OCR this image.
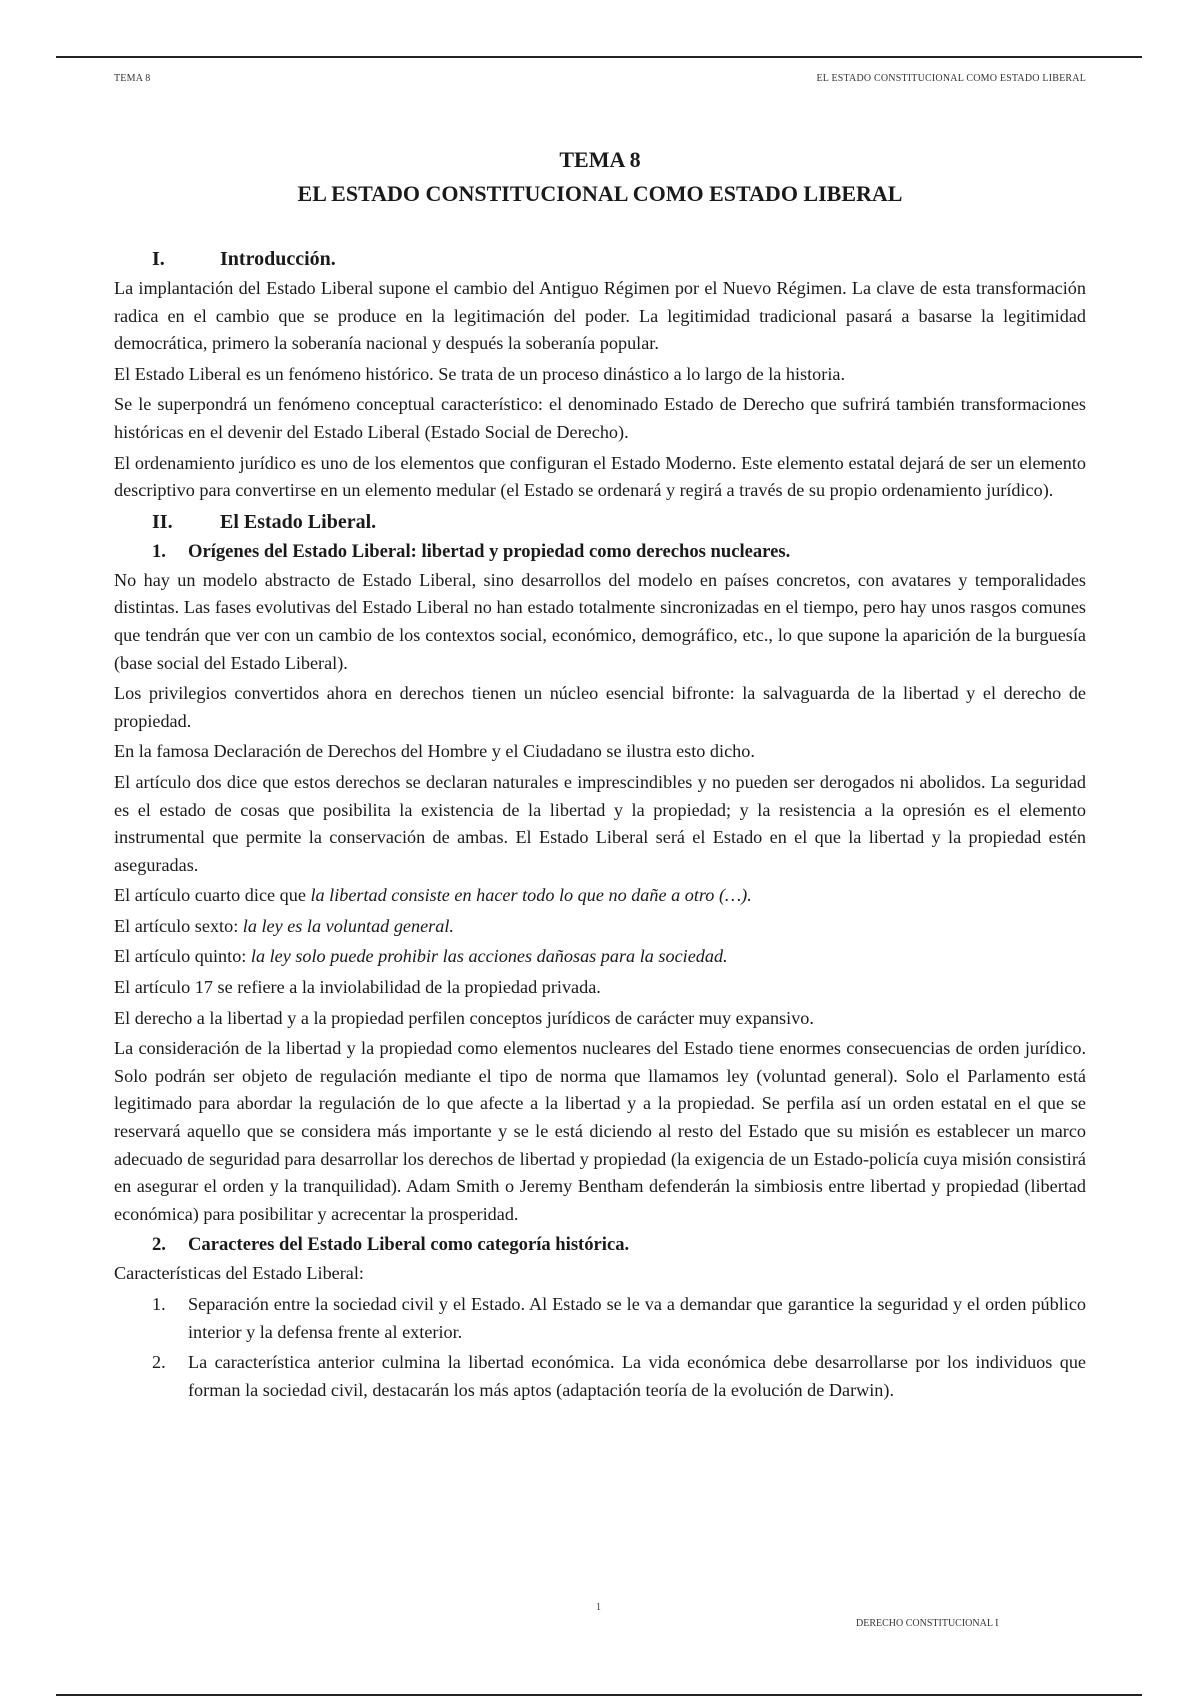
TEMA 8	EL ESTADO CONSTITUCIONAL COMO ESTADO LIBERAL
TEMA 8
EL ESTADO CONSTITUCIONAL COMO ESTADO LIBERAL
I.	Introducción.

La implantación del Estado Liberal supone el cambio del Antiguo Régimen por el Nuevo Régimen. La clave de esta transformación radica en el cambio que se produce en la legitimación del poder. La legitimidad tradicional pasará a basarse la legitimidad democrática, primero la soberanía nacional y después la soberanía popular.

El Estado Liberal es un fenómeno histórico. Se trata de un proceso dinástico a lo largo de la historia.

Se le superpondrá un fenómeno conceptual característico: el denominado Estado de Derecho que sufrirá también transformaciones históricas en el devenir del Estado Liberal (Estado Social de Derecho).

El ordenamiento jurídico es uno de los elementos que configuran el Estado Moderno. Este elemento estatal dejará de ser un elemento descriptivo para convertirse en un elemento medular (el Estado se ordenará y regirá a través de su propio ordenamiento jurídico).

II.	El Estado Liberal.
1.	Orígenes del Estado Liberal: libertad y propiedad como derechos nucleares.

No hay un modelo abstracto de Estado Liberal, sino desarrollos del modelo en países concretos, con avatares y temporalidades distintas. Las fases evolutivas del Estado Liberal no han estado totalmente sincronizadas en el tiempo, pero hay unos rasgos comunes que tendrán que ver con un cambio de los contextos social, económico, demográfico, etc., lo que supone la aparición de la burguesía (base social del Estado Liberal).

Los privilegios convertidos ahora en derechos tienen un núcleo esencial bifronte: la salvaguarda de la libertad y el derecho de propiedad.

En la famosa Declaración de Derechos del Hombre y el Ciudadano se ilustra esto dicho.

El artículo dos dice que estos derechos se declaran naturales e imprescindibles y no pueden ser derogados ni abolidos. La seguridad es el estado de cosas que posibilita la existencia de la libertad y la propiedad; y la resistencia a la opresión es el elemento instrumental que permite la conservación de ambas. El Estado Liberal será el Estado en el que la libertad y la propiedad estén aseguradas.

El artículo cuarto dice que la libertad consiste en hacer todo lo que no dañe a otro (…).

El artículo sexto: la ley es la voluntad general.

El artículo quinto: la ley solo puede prohibir las acciones dañosas para la sociedad.

El artículo 17 se refiere a la inviolabilidad de la propiedad privada.

El derecho a la libertad y a la propiedad perfilen conceptos jurídicos de carácter muy expansivo.

La consideración de la libertad y la propiedad como elementos nucleares del Estado tiene enormes consecuencias de orden jurídico. Solo podrán ser objeto de regulación mediante el tipo de norma que llamamos ley (voluntad general). Solo el Parlamento está legitimado para abordar la regulación de lo que afecte a la libertad y a la propiedad. Se perfila así un orden estatal en el que se reservará aquello que se considera más importante y se le está diciendo al resto del Estado que su misión es establecer un marco adecuado de seguridad para desarrollar los derechos de libertad y propiedad (la exigencia de un Estado-policía cuya misión consistirá en asegurar el orden y la tranquilidad). Adam Smith o Jeremy Bentham defenderán la simbiosis entre libertad y propiedad (libertad económica) para posibilitar y acrecentar la prosperidad.

2.	Caracteres del Estado Liberal como categoría histórica.

Características del Estado Liberal:

1.	Separación entre la sociedad civil y el Estado. Al Estado se le va a demandar que garantice la seguridad y el orden público interior y la defensa frente al exterior.
2.	La característica anterior culmina la libertad económica. La vida económica debe desarrollarse por los individuos que forman la sociedad civil, destacarán los más aptos (adaptación teoría de la evolución de Darwin).
1
DERECHO CONSTITUCIONAL I
